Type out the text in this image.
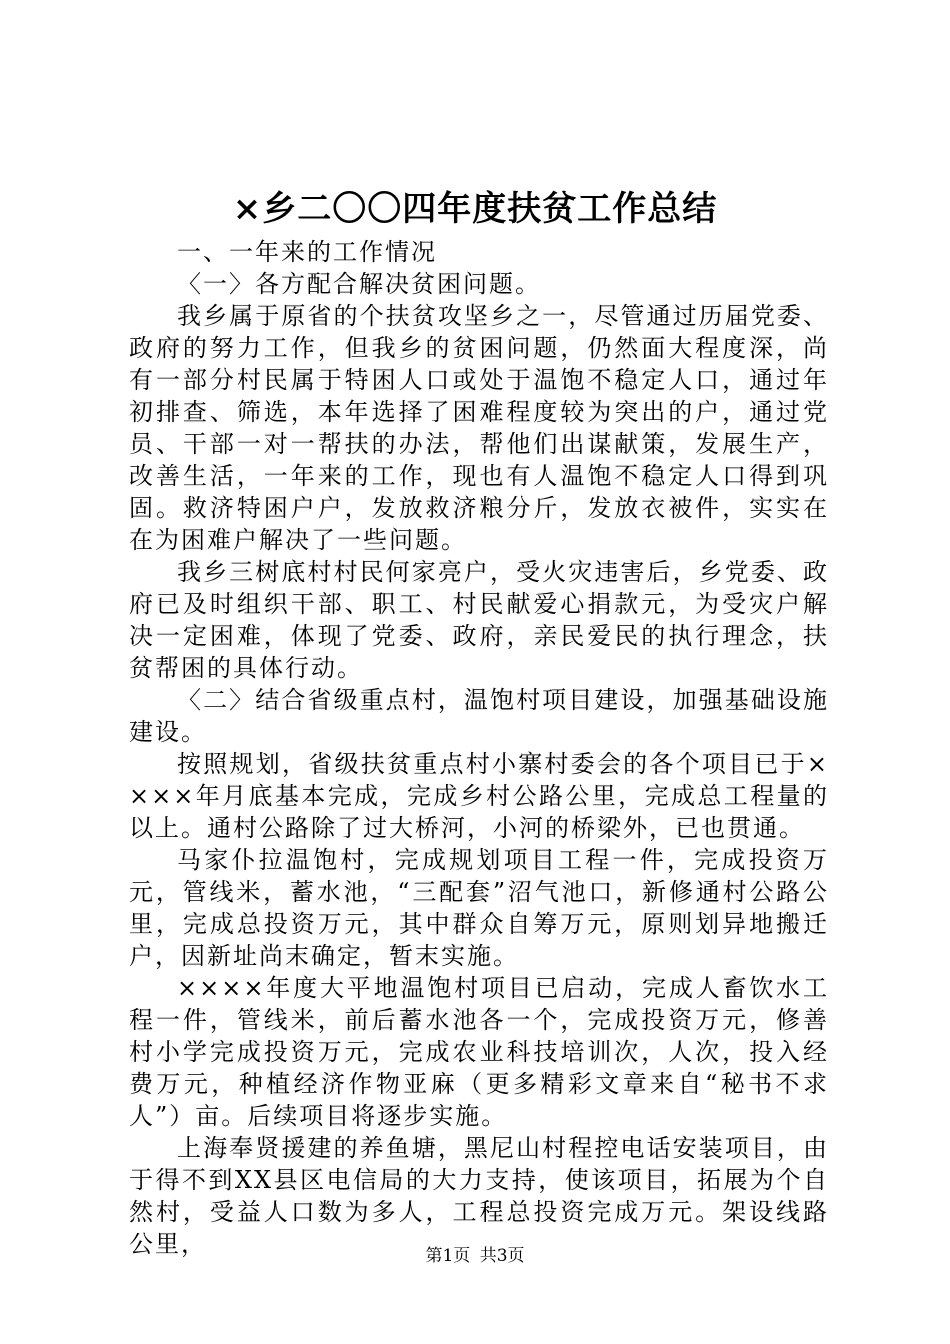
×乡二〇〇四年度扶贫工作总结

一、一年来的工作情况

〈一〉各方配合解决贫困问题。

我乡属于原省的个扶贫攻坚乡之一，尽管通过历届党委、政府的努力工作，但我乡的贫困问题，仍然面大程度深，尚有一部分村民属于特困人口或处于温饱不稳定人口，通过年初排查、筛选，本年选择了困难程度较为突出的户，通过党员、干部一对一帮扶的办法，帮他们出谋献策，发展生产，改善生活，一年来的工作，现也有人温饱不稳定人口得到巩固。救济特困户户，发放救济粮分斤，发放衣被件，实实在在为困难户解决了一些问题。

我乡三树底村村民何家亮户，受火灾违害后，乡党委、政府已及时组织干部、职工、村民献爱心捐款元，为受灾户解决一定困难，体现了党委、政府，亲民爱民的执行理念，扶贫帮困的具体行动。

〈二〉结合省级重点村，温饱村项目建设，加强基础设施建设。

按照规划，省级扶贫重点村小寨村委会的各个项目已于××××年月底基本完成，完成乡村公路公里，完成总工程量的以上。通村公路除了过大桥河，小河的桥梁外，已也贯通。

马家仆拉温饱村，完成规划项目工程一件，完成投资万元，管线米，蓄水池，“三配套”沼气池口，新修通村公路公里，完成总投资万元，其中群众自筹万元，原则划异地搬迁户，因新址尚末确定，暂末实施。

××××年度大平地温饱村项目已启动，完成人畜饮水工程一件，管线米，前后蓄水池各一个，完成投资万元，修善村小学完成投资万元，完成农业科技培训次，人次，投入经费万元，种植经济作物亚麻（更多精彩文章来自“秘书不求人”）亩。后续项目将逐步实施。

上海奉贤援建的养鱼塘，黑尼山村程控电话安装项目，由于得不到XX县区电信局的大力支持，使该项目，拓展为个自然村，受益人口数为多人，工程总投资完成万元。架设线路公里，	第1页 共3页
